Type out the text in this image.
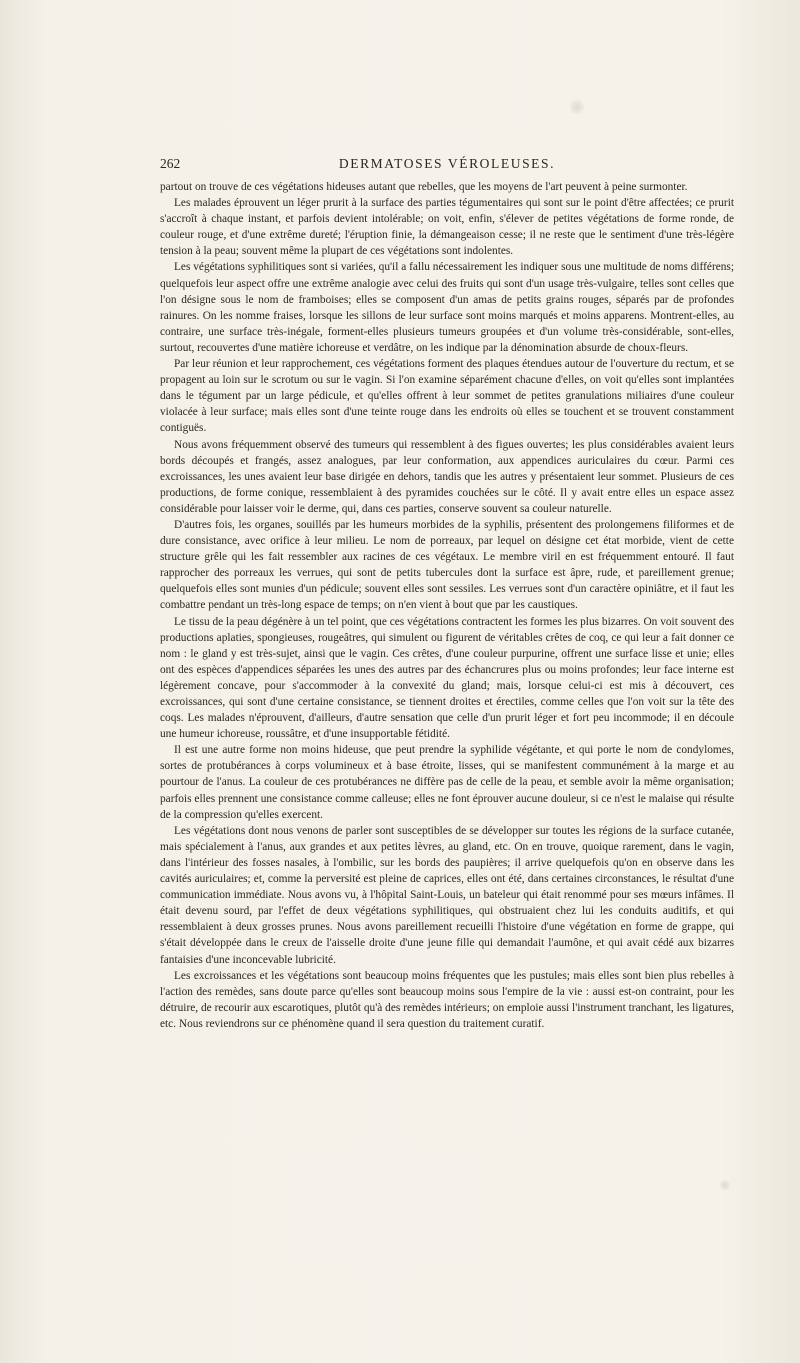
262	DERMATOSES VÉROLEUSES.

partout on trouve de ces végétations hideuses autant que rebelles, que les moyens de l'art peuvent à peine surmonter.

Les malades éprouvent un léger prurit à la surface des parties tégumentaires qui sont sur le point d'être affectées; ce prurit s'accroît à chaque instant, et parfois devient intolérable; on voit, enfin, s'élever de petites végétations de forme ronde, de couleur rouge, et d'une extrême dureté; l'éruption finie, la démangeaison cesse; il ne reste que le sentiment d'une très-légère tension à la peau; souvent même la plupart de ces végétations sont indolentes.

Les végétations syphilitiques sont si variées, qu'il a fallu nécessairement les indiquer sous une multitude de noms différens; quelquefois leur aspect offre une extrême analogie avec celui des fruits qui sont d'un usage très-vulgaire, telles sont celles que l'on désigne sous le nom de framboises; elles se composent d'un amas de petits grains rouges, séparés par de profondes rainures. On les nomme fraises, lorsque les sillons de leur surface sont moins marqués et moins apparens. Montrent-elles, au contraire, une surface très-inégale, forment-elles plusieurs tumeurs groupées et d'un volume très-considérable, sont-elles, surtout, recouvertes d'une matière ichoreuse et verdâtre, on les indique par la dénomination absurde de choux-fleurs.

Par leur réunion et leur rapprochement, ces végétations forment des plaques étendues autour de l'ouverture du rectum, et se propagent au loin sur le scrotum ou sur le vagin. Si l'on examine séparément chacune d'elles, on voit qu'elles sont implantées dans le tégument par un large pédicule, et qu'elles offrent à leur sommet de petites granulations miliaires d'une couleur violacée à leur surface; mais elles sont d'une teinte rouge dans les endroits où elles se touchent et se trouvent constamment contiguës.

Nous avons fréquemment observé des tumeurs qui ressemblent à des figues ouvertes; les plus considérables avaient leurs bords découpés et frangés, assez analogues, par leur conformation, aux appendices auriculaires du cœur. Parmi ces excroissances, les unes avaient leur base dirigée en dehors, tandis que les autres y présentaient leur sommet. Plusieurs de ces productions, de forme conique, ressemblaient à des pyramides couchées sur le côté. Il y avait entre elles un espace assez considérable pour laisser voir le derme, qui, dans ces parties, conserve souvent sa couleur naturelle.

D'autres fois, les organes, souillés par les humeurs morbides de la syphilis, présentent des prolongemens filiformes et de dure consistance, avec orifice à leur milieu. Le nom de porreaux, par lequel on désigne cet état morbide, vient de cette structure grêle qui les fait ressembler aux racines de ces végétaux. Le membre viril en est fréquemment entouré. Il faut rapprocher des porreaux les verrues, qui sont de petits tubercules dont la surface est âpre, rude, et pareillement grenue; quelquefois elles sont munies d'un pédicule; souvent elles sont sessiles. Les verrues sont d'un caractère opiniâtre, et il faut les combattre pendant un très-long espace de temps; on n'en vient à bout que par les caustiques.

Le tissu de la peau dégénère à un tel point, que ces végétations contractent les formes les plus bizarres. On voit souvent des productions aplaties, spongieuses, rougeâtres, qui simulent ou figurent de véritables crêtes de coq, ce qui leur a fait donner ce nom : le gland y est très-sujet, ainsi que le vagin. Ces crêtes, d'une couleur purpurine, offrent une surface lisse et unie; elles ont des espèces d'appendices séparées les unes des autres par des échancrures plus ou moins profondes; leur face interne est légèrement concave, pour s'accommoder à la convexité du gland; mais, lorsque celui-ci est mis à découvert, ces excroissances, qui sont d'une certaine consistance, se tiennent droites et érectiles, comme celles que l'on voit sur la tête des coqs. Les malades n'éprouvent, d'ailleurs, d'autre sensation que celle d'un prurit léger et fort peu incommode; il en découle une humeur ichoreuse, roussâtre, et d'une insupportable fétidité.

Il est une autre forme non moins hideuse, que peut prendre la syphilide végétante, et qui porte le nom de condylomes, sortes de protubérances à corps volumineux et à base étroite, lisses, qui se manifestent communément à la marge et au pourtour de l'anus. La couleur de ces protubérances ne diffère pas de celle de la peau, et semble avoir la même organisation; parfois elles prennent une consistance comme calleuse; elles ne font éprouver aucune douleur, si ce n'est le malaise qui résulte de la compression qu'elles exercent.

Les végétations dont nous venons de parler sont susceptibles de se développer sur toutes les régions de la surface cutanée, mais spécialement à l'anus, aux grandes et aux petites lèvres, au gland, etc. On en trouve, quoique rarement, dans le vagin, dans l'intérieur des fosses nasales, à l'ombilic, sur les bords des paupières; il arrive quelquefois qu'on en observe dans les cavités auriculaires; et, comme la perversité est pleine de caprices, elles ont été, dans certaines circonstances, le résultat d'une communication immédiate. Nous avons vu, à l'hôpital Saint-Louis, un bateleur qui était renommé pour ses mœurs infâmes. Il était devenu sourd, par l'effet de deux végétations syphilitiques, qui obstruaient chez lui les conduits auditifs, et qui ressemblaient à deux grosses prunes. Nous avons pareillement recueilli l'histoire d'une végétation en forme de grappe, qui s'était développée dans le creux de l'aisselle droite d'une jeune fille qui demandait l'aumône, et qui avait cédé aux bizarres fantaisies d'une inconcevable lubricité.

Les excroissances et les végétations sont beaucoup moins fréquentes que les pustules; mais elles sont bien plus rebelles à l'action des remèdes, sans doute parce qu'elles sont beaucoup moins sous l'empire de la vie : aussi est-on contraint, pour les détruire, de recourir aux escarotiques, plutôt qu'à des remèdes intérieurs; on emploie aussi l'instrument tranchant, les ligatures, etc. Nous reviendrons sur ce phénomène quand il sera question du traitement curatif.
